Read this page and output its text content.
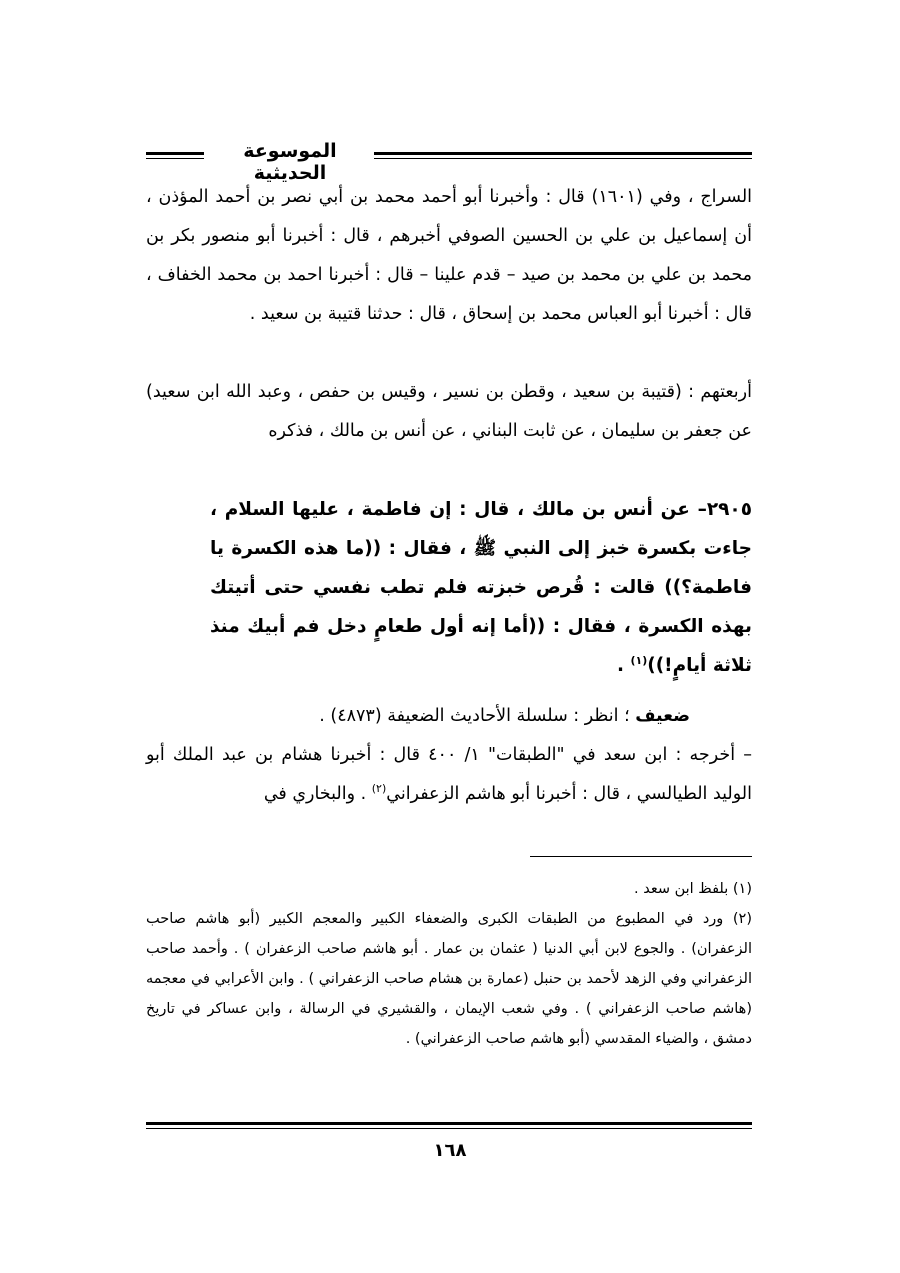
الموسوعة الحديثية
السراج ، وفي (١٦٠١) قال : وأخبرنا أبو أحمد محمد بن أبي نصر بن أحمد المؤذن ، أن إسماعيل بن علي بن الحسين الصوفي أخبرهم ، قال : أخبرنا أبو منصور بكر بن محمد بن علي بن محمد بن صيد – قدم علينا – قال : أخبرنا احمد بن محمد الخفاف ، قال : أخبرنا أبو العباس محمد بن إسحاق ، قال : حدثنا قتيبة بن سعيد .
أربعتهم : (قتيبة بن سعيد ، وقطن بن نسير ، وقيس بن حفص ، وعبد الله ابن سعيد) عن جعفر بن سليمان ، عن ثابت البناني ، عن أنس بن مالك ، فذكره
٢٩٠٥– عن أنس بن مالك ، قال : إن فاطمة ، عليها السلام ، جاءت بكسرة خبز إلى النبي ﷺ ، فقال : ((ما هذه الكسرة يا فاطمة؟)) قالت : قُرص خبزته فلم تطب نفسي حتى أتيتك بهذه الكسرة ، فقال : ((أما إنه أول طعامٍ دخل فم أبيك منذ ثلاثة أيامٍ!))$^{(١)}$ .
ضعيف ؛ انظر : سلسلة الأحاديث الضعيفة (٤٨٧٣) .
– أخرجه : ابن سعد في "الطبقات" ١/ ٤٠٠ قال : أخبرنا هشام بن عبد الملك أبو الوليد الطيالسي ، قال : أخبرنا أبو هاشم الزعفراني$^{(٢)}$ . والبخاري في
(١) بلفظ ابن سعد .
(٢) ورد في المطبوع من الطبقات الكبرى والضعفاء الكبير والمعجم الكبير (أبو هاشم صاحب الزعفران) . والجوع لابن أبي الدنيا ( عثمان بن عمار . أبو هاشم صاحب الزعفران ) . وأحمد صاحب الزعفراني وفي الزهد لأحمد بن حنبل (عمارة بن هشام صاحب الزعفراني ) . وابن الأعرابي في معجمه (هاشم صاحب الزعفراني ) . وفي شعب الإيمان ، والقشيري في الرسالة ، وابن عساكر في تاريخ دمشق ، والضياء المقدسي (أبو هاشم صاحب الزعفراني) .
١٦٨
